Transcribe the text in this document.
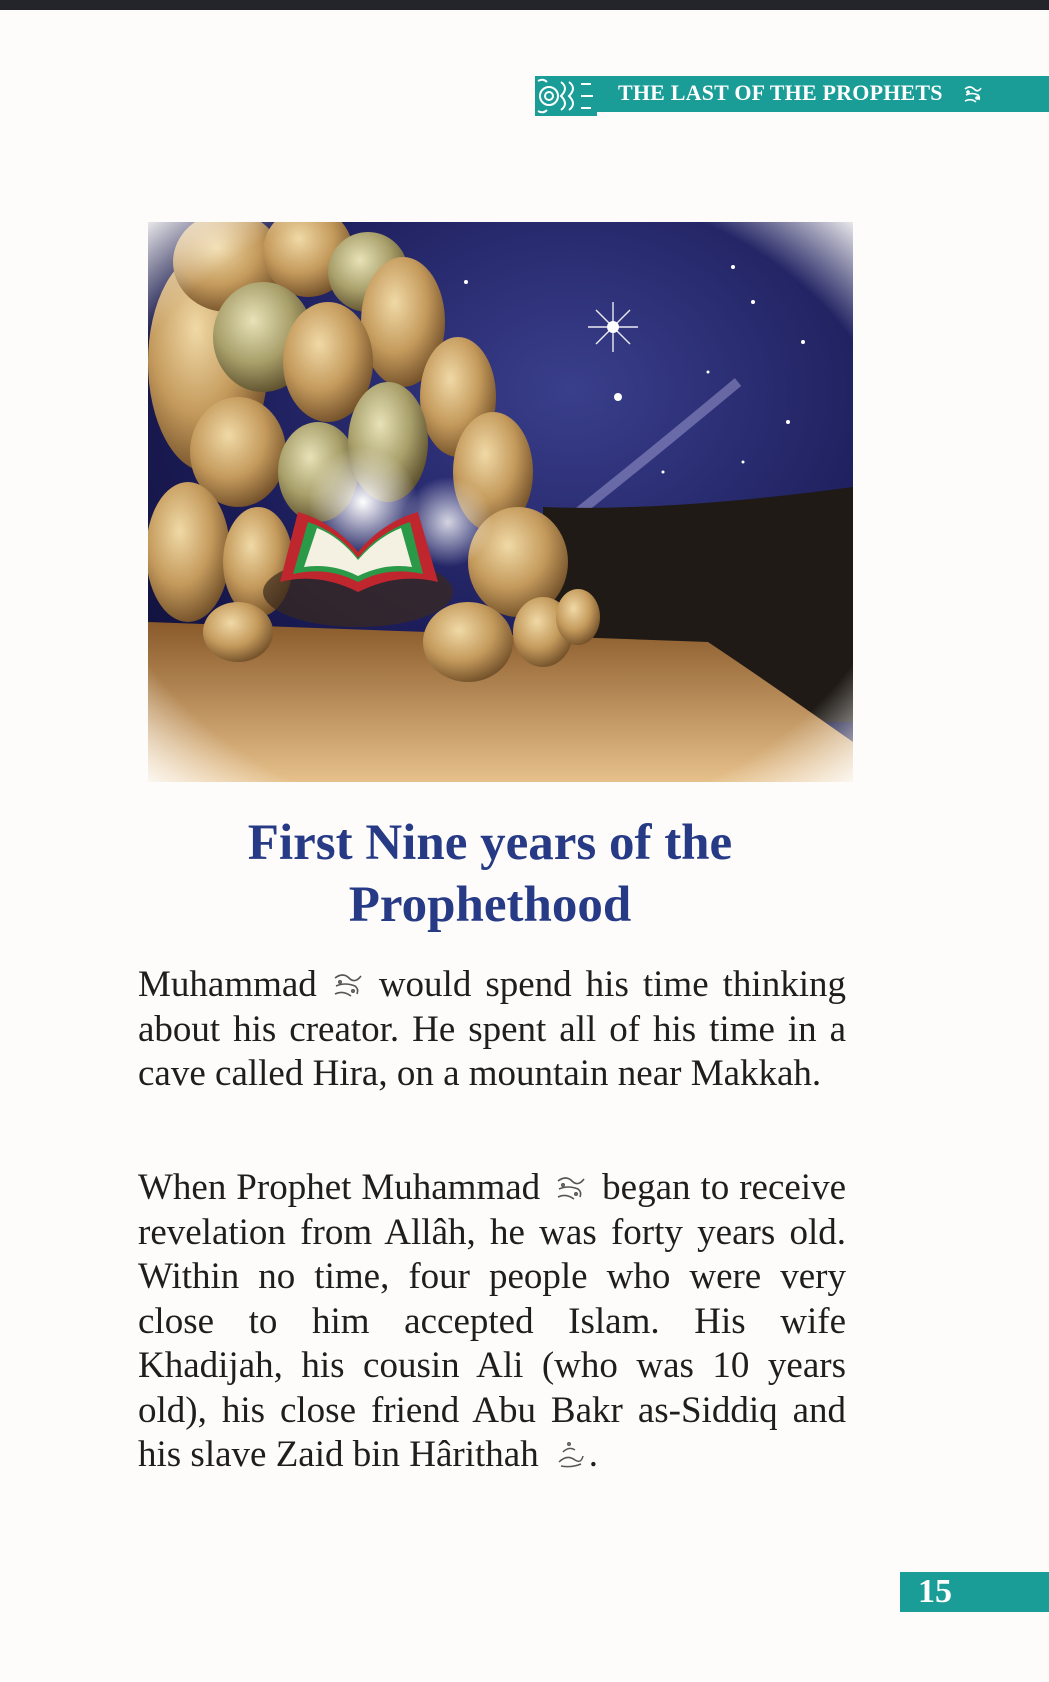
THE LAST OF THE PROPHETS
First Nine years of the
Prophethood
Muhammad would spend his time thinking about his creator. He spent all of his time in a cave called Hira, on a mountain near Makkah.
When Prophet Muhammad began to receive revelation from Allâh, he was forty years old. Within no time, four people who were very close to him accepted Islam. His wife Khadijah, his cousin Ali (who was 10 years old), his close friend Abu Bakr as-Siddiq and his slave Zaid bin Hârithah .
15
